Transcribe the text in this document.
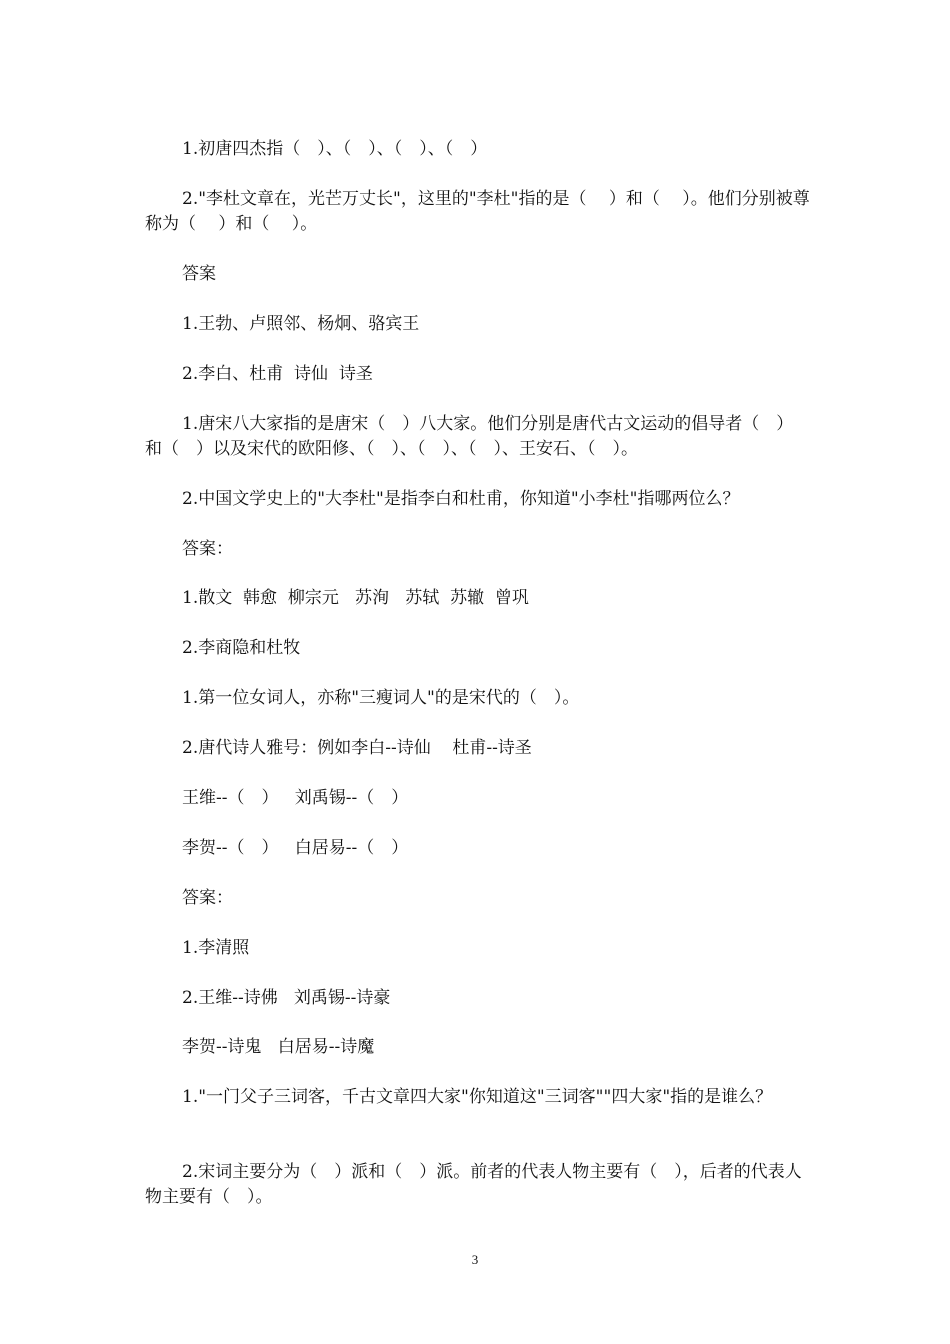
1.初唐四杰指（　）、（　）、（　）、（　）

2."李杜文章在，光芒万丈长"，这里的"李杜"指的是（　 ）和（　 ）。他们分别被尊称为（　 ）和（　 ）。

答案

1.王勃、卢照邻、杨炯、骆宾王

2.李白、杜甫  诗仙  诗圣

1.唐宋八大家指的是唐宋（　）八大家。他们分别是唐代古文运动的倡导者（　）和（　）以及宋代的欧阳修、（　）、（　）、（　）、王安石、（　）。

2.中国文学史上的"大李杜"是指李白和杜甫，你知道"小李杜"指哪两位么？

答案：

1.散文  韩愈  柳宗元   苏洵   苏轼  苏辙  曾巩

2.李商隐和杜牧

1.第一位女词人，亦称"三瘦词人"的是宋代的（　）。

2.唐代诗人雅号：例如李白--诗仙    杜甫--诗圣

王维--（　）   刘禹锡--（　）

李贺--（　）   白居易--（　）

答案：

1.李清照

2.王维--诗佛   刘禹锡--诗豪

李贺--诗鬼   白居易--诗魔

1."一门父子三词客，千古文章四大家"你知道这"三词客""四大家"指的是谁么？

2.宋词主要分为（　）派和（　）派。前者的代表人物主要有（　），后者的代表人物主要有（　）。

3
